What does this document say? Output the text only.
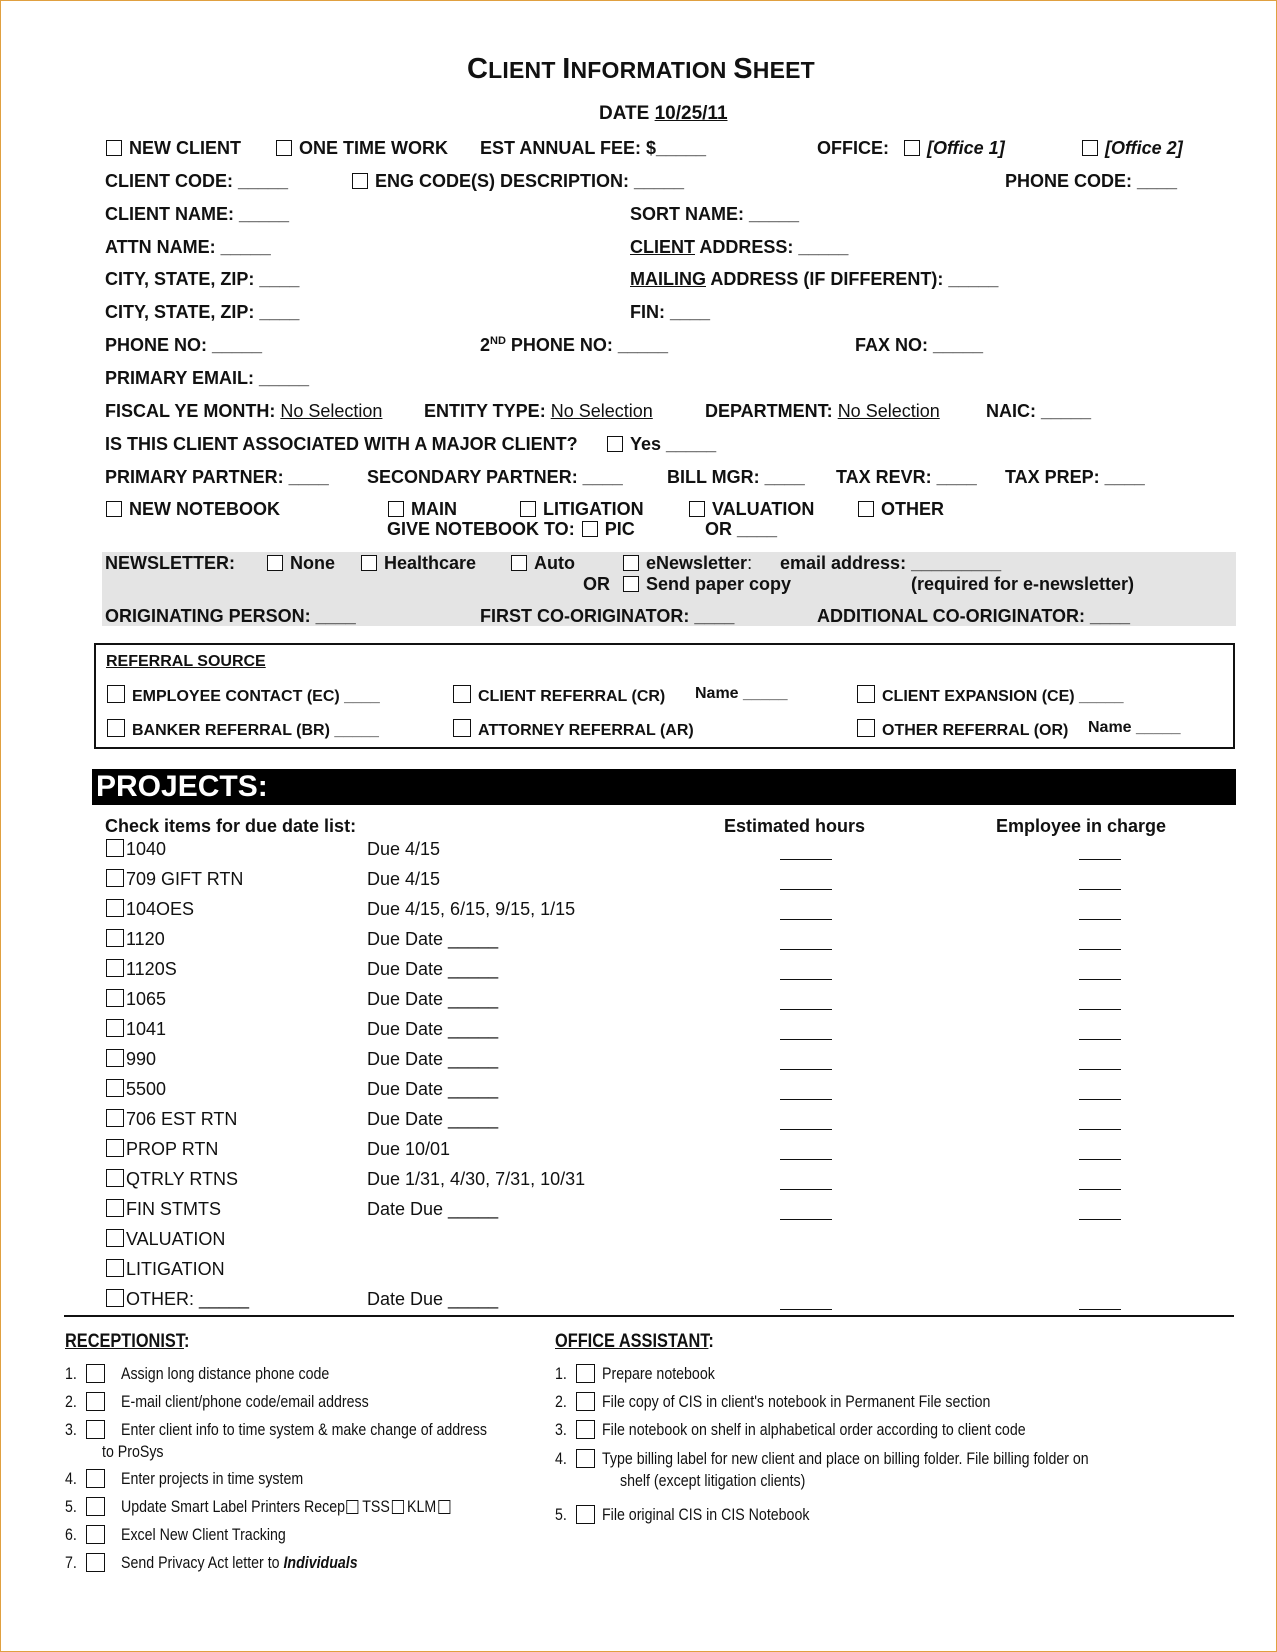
CLIENT INFORMATION SHEET
DATE 10/25/11
NEW CLIENT	ONE TIME WORK EST ANNUAL FEE: $_____	OFFICE:	[Office 1]	[Office 2]
CLIENT CODE: _____	ENG CODE(S) DESCRIPTION: _____	PHONE CODE: ____
CLIENT NAME: _____	SORT NAME: _____
ATTN NAME: _____	CLIENT ADDRESS: _____
CITY, STATE, ZIP: ____	MAILING ADDRESS (IF DIFFERENT): _____
CITY, STATE, ZIP: ____	FIN: ____
PHONE NO: _____	2ND PHONE NO: _____	FAX NO: _____
PRIMARY EMAIL: _____
FISCAL YE MONTH: No Selection ENTITY TYPE: No Selection	DEPARTMENT: No Selection	NAIC: _____
IS THIS CLIENT ASSOCIATED WITH A MAJOR CLIENT?	Yes _____
PRIMARY PARTNER: ____ SECONDARY PARTNER: ____ BILL MGR: ____ TAX REVR: ____ TAX PREP: ____
NEW NOTEBOOK	MAIN	LITIGATION	VALUATION	OTHER
GIVE NOTEBOOK TO: PIC	OR ____
NEWSLETTER:	None	Healthcare	Auto	eNewsletter: email address: _________
OR	Send paper copy	(required for e-newsletter)
ORIGINATING PERSON: ____	FIRST CO-ORIGINATOR: ____	ADDITIONAL CO-ORIGINATOR: ____
REFERRAL SOURCE
EMPLOYEE CONTACT (EC) ____	CLIENT REFERRAL (CR) Name _____	CLIENT EXPANSION (CE) _____
BANKER REFERRAL (BR) _____	ATTORNEY REFERRAL (AR)	OTHER REFERRAL (OR) Name _____
PROJECTS:
Check items for due date list:	Estimated hours	Employee in charge
1040	Due 4/15
709 GIFT RTN	Due 4/15
104OES	Due 4/15, 6/15, 9/15, 1/15
1120	Due Date _____
1120S	Due Date _____
1065	Due Date _____
1041	Due Date _____
990	Due Date _____
5500	Due Date _____
706 EST RTN	Due Date _____
PROP RTN	Due 10/01
QTRLY RTNS	Due 1/31, 4/30, 7/31, 10/31
FIN STMTS	Date Due _____
VALUATION
LITIGATION
OTHER: _____	Date Due _____
RECEPTIONIST:
1.	Assign long distance phone code
2.	E-mail client/phone code/email address
3.	Enter client info to time system & make change of address
4.	Enter projects in time system
5.	Update Smart Label Printers Recep TSS KLM
6.	Excel New Client Tracking
7.	Send Privacy Act letter to Individuals
to ProSys
OFFICE ASSISTANT:
1. Prepare notebook
2. File copy of CIS in client's notebook in Permanent File section
3. File notebook on shelf in alphabetical order according to client code
4. Type billing label for new client and place on billing folder. File billing folder on
5. File original CIS in CIS Notebook
shelf (except litigation clients)
